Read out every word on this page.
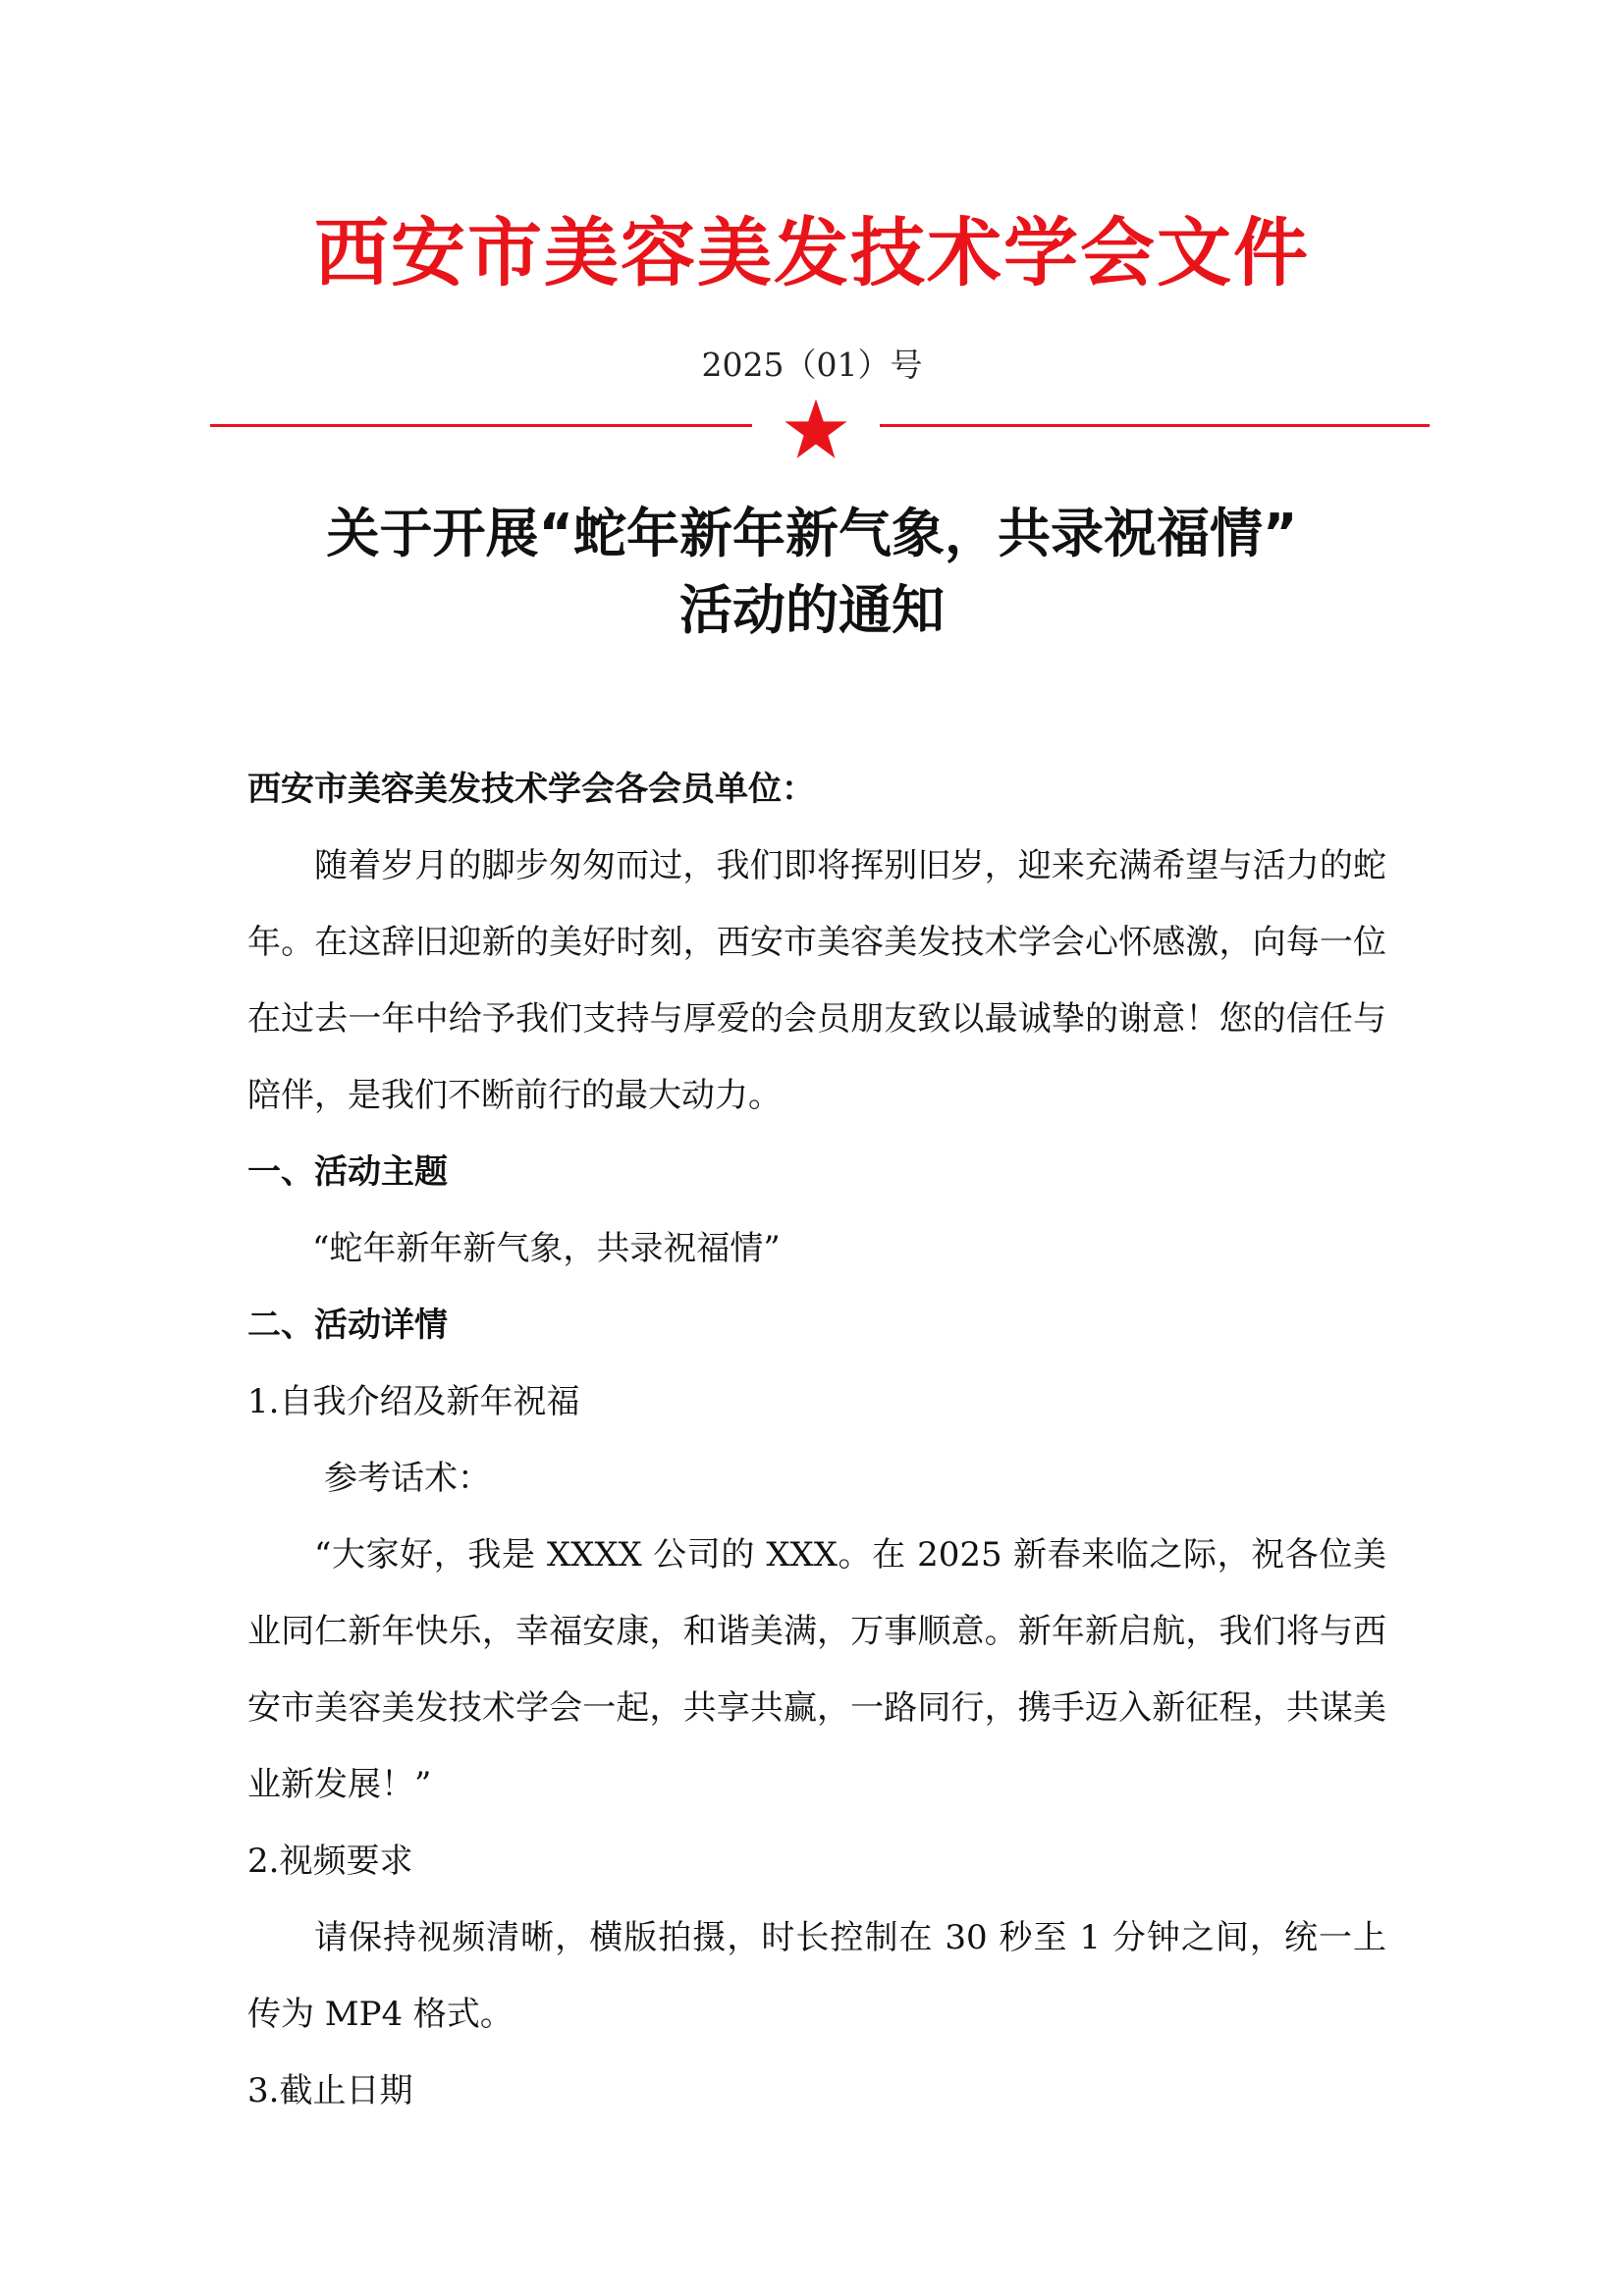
西安市美容美发技术学会文件
2025（01）号
关于开展“蛇年新年新气象，共录祝福情”
活动的通知
西安市美容美发技术学会各会员单位：
随着岁月的脚步匆匆而过，我们即将挥别旧岁，迎来充满希望与活力的蛇年。在这辞旧迎新的美好时刻，西安市美容美发技术学会心怀感激，向每一位在过去一年中给予我们支持与厚爱的会员朋友致以最诚挚的谢意！您的信任与陪伴，是我们不断前行的最大动力。
一、活动主题
“蛇年新年新气象，共录祝福情”
二、活动详情
1.自我介绍及新年祝福
参考话术：
“大家好，我是 XXXX 公司的 XXX。在 2025 新春来临之际，祝各位美业同仁新年快乐，幸福安康，和谐美满，万事顺意。新年新启航，我们将与西安市美容美发技术学会一起，共享共赢，一路同行，携手迈入新征程，共谋美业新发展！”
2.视频要求
请保持视频清晰，横版拍摄，时长控制在 30 秒至 1 分钟之间，统一上传为 MP4 格式。
3.截止日期
